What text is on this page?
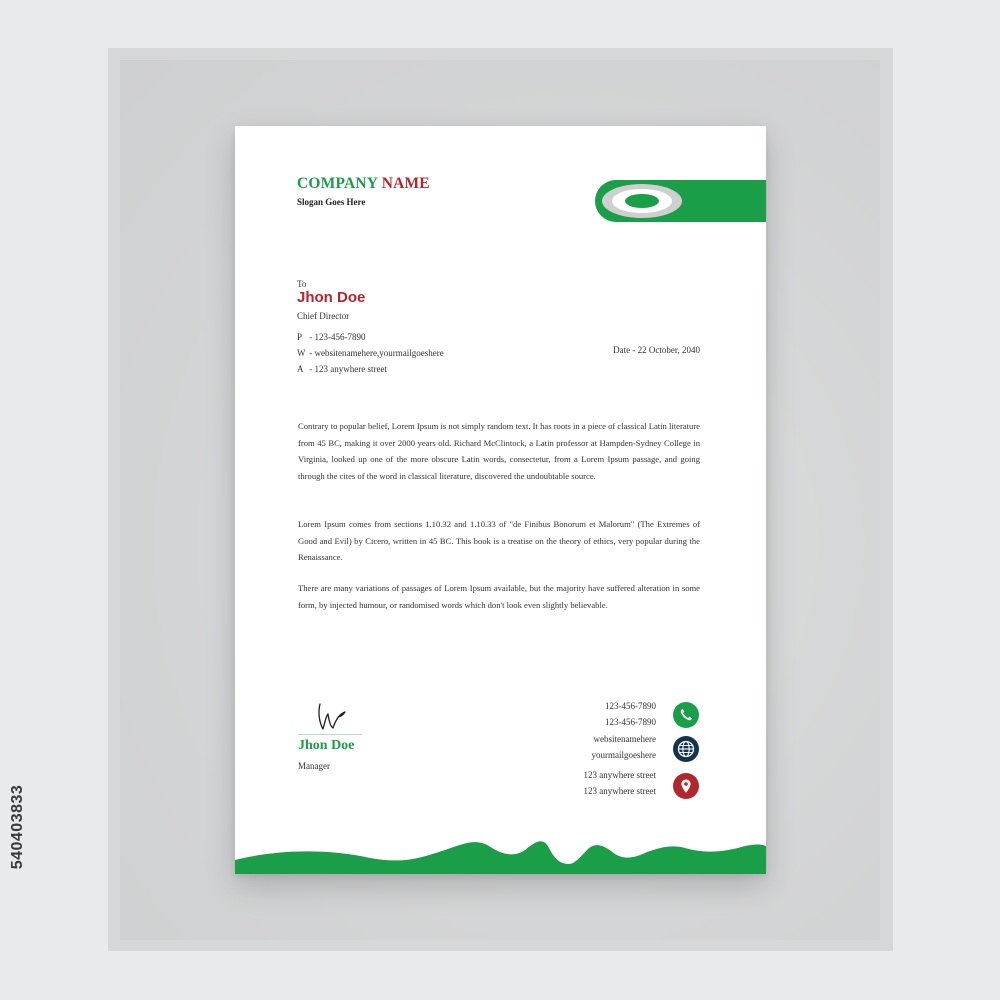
540403833
COMPANY NAME
Slogan Goes Here
To
Jhon Doe
Chief Director
P - 123-456-7890
W - websitenamehere,yourmailgoeshere
A - 123 anywhere street
Date - 22 October, 2040

Contrary to popular belief, Lorem Ipsum is not simply random text. It has roots in a piece of classical Latin literature from 45 BC, making it over 2000 years old. Richard McClintock, a Latin professor at Hampden-Sydney College in Virginia, looked up one of the more obscure Latin words, consectetur, from a Lorem Ipsum passage, and going through the cites of the word in classical literature, discovered the undoubtable source.

Lorem Ipsum comes from sections 1.10.32 and 1.10.33 of "de Finibus Bonorum et Malorum" (The Extremes of Good and Evil) by Cicero, written in 45 BC. This book is a treatise on the theory of ethics, very popular during the Renaissance.

There are many variations of passages of Lorem Ipsum available, but the majority have suffered alteration in some form, by injected humour, or randomised words which don't look even slightly believable.

Jhon Doe
Manager
123-456-7890
123-456-7890
websitenamehere
yourmailgoeshere
123 anywhere street
123 anywhere street
